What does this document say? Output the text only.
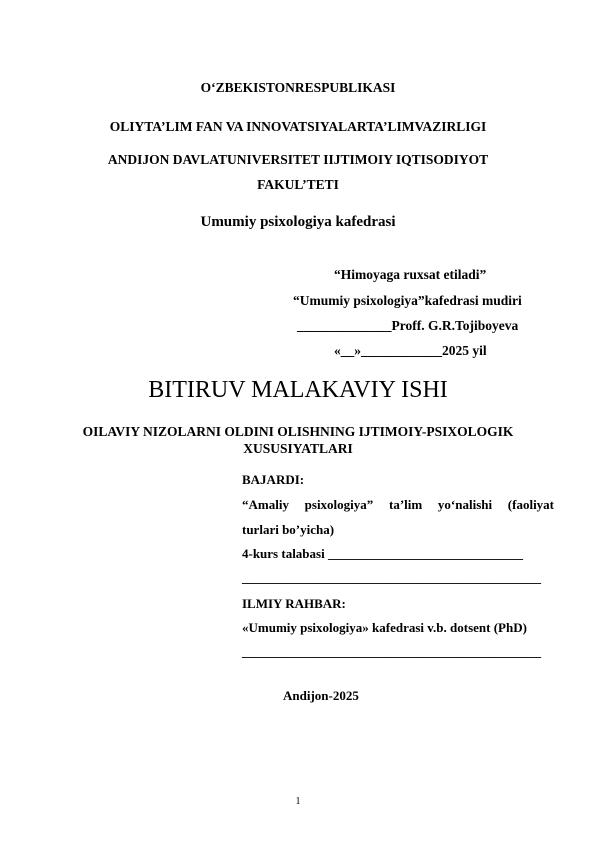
O‘ZBEKISTONRESPUBLIKASI
OLIYTA’LIM FAN VA INNOVATSIYALARTA’LIMVAZIRLIGI
ANDIJON DAVLATUNIVERSITET IIJTIMOIY IQTISODIYOT
FAKUL’TETI
Umumiy psixologiya kafedrasi
“Himoyaga ruxsat etiladi”
“Umumiy psixologiya”kafedrasi mudiri
______________Proff. G.R.Tojiboyeva
«__»____________2025 yil
BITIRUV MALAKAVIY ISHI
OILAVIY NIZOLARNI OLDINI OLISHNING IJTIMOIY-PSIXOLOGIK
XUSUSIYATLARI
BAJARDI:
“Amaliy psixologiya” ta’lim yo‘nalishi (faoliyat
turlari bo’yicha)
4-kurs talabasi ______________________________
______________________________________________
ILMIY RAHBAR:
«Umumiy psixologiya» kafedrasi v.b. dotsent (PhD)
______________________________________________
Andijon-2025
1
